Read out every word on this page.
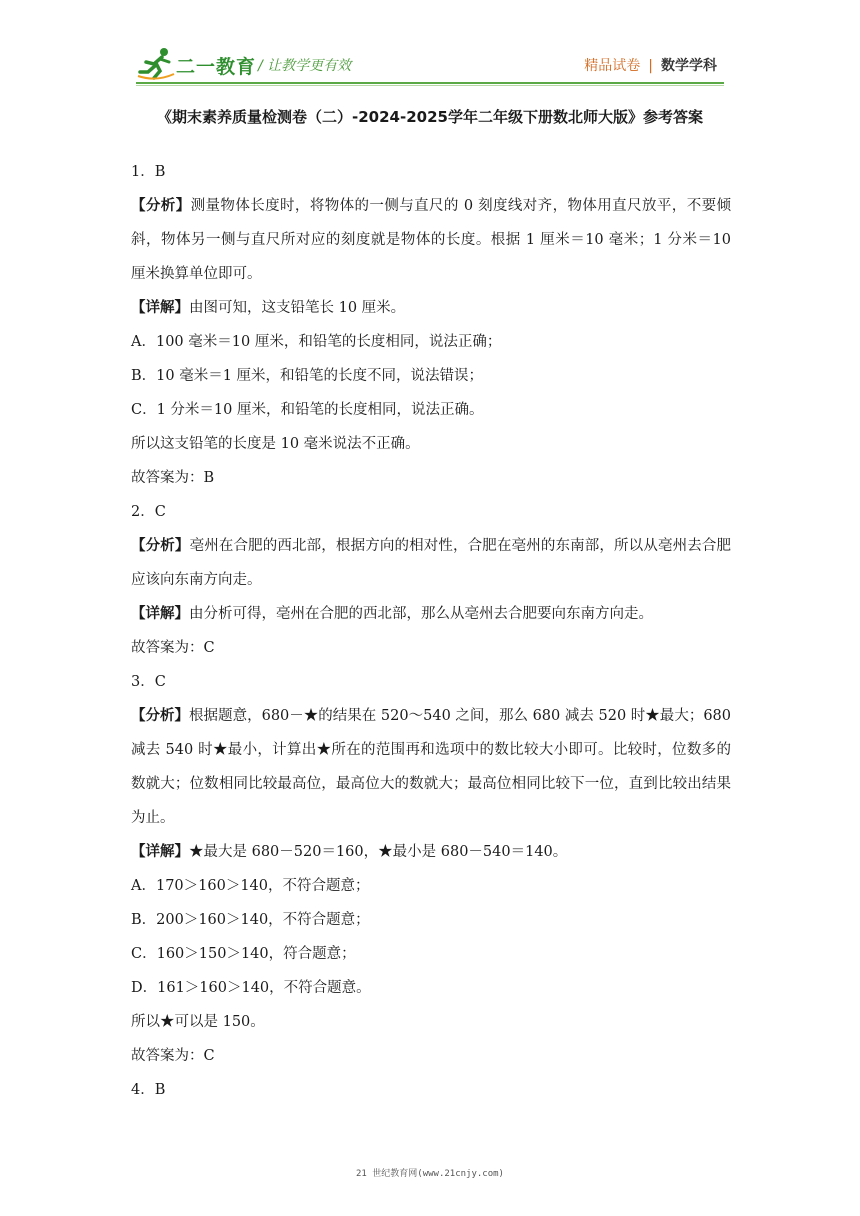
二一教育 / 让教学更有效	精品试卷 | 数学学科
《期末素养质量检测卷（二）-2024-2025学年二年级下册数北师大版》参考答案

1．B

【分析】测量物体长度时，将物体的一侧与直尺的 0 刻度线对齐，物体用直尺放平，不要倾斜，物体另一侧与直尺所对应的刻度就是物体的长度。根据 1 厘米＝10 毫米；1 分米＝10 厘米换算单位即可。

【详解】由图可知，这支铅笔长 10 厘米。

A．100 毫米＝10 厘米，和铅笔的长度相同，说法正确；

B．10 毫米＝1 厘米，和铅笔的长度不同，说法错误；

C．1 分米＝10 厘米，和铅笔的长度相同，说法正确。

所以这支铅笔的长度是 10 毫米说法不正确。

故答案为：B

2．C

【分析】亳州在合肥的西北部，根据方向的相对性，合肥在亳州的东南部，所以从亳州去合肥应该向东南方向走。

【详解】由分析可得，亳州在合肥的西北部，那么从亳州去合肥要向东南方向走。

故答案为：C

3．C

【分析】根据题意，680－★的结果在 520～540 之间，那么 680 减去 520 时★最大；680 减去 540 时★最小，计算出★所在的范围再和选项中的数比较大小即可。比较时，位数多的数就大；位数相同比较最高位，最高位大的数就大；最高位相同比较下一位，直到比较出结果为止。

【详解】★最大是 680－520＝160，★最小是 680－540＝140。

A．170＞160＞140，不符合题意；

B．200＞160＞140，不符合题意；

C．160＞150＞140，符合题意；

D．161＞160＞140，不符合题意。

所以★可以是 150。

故答案为：C

4．B

21 世纪教育网(www.21cnjy.com)
